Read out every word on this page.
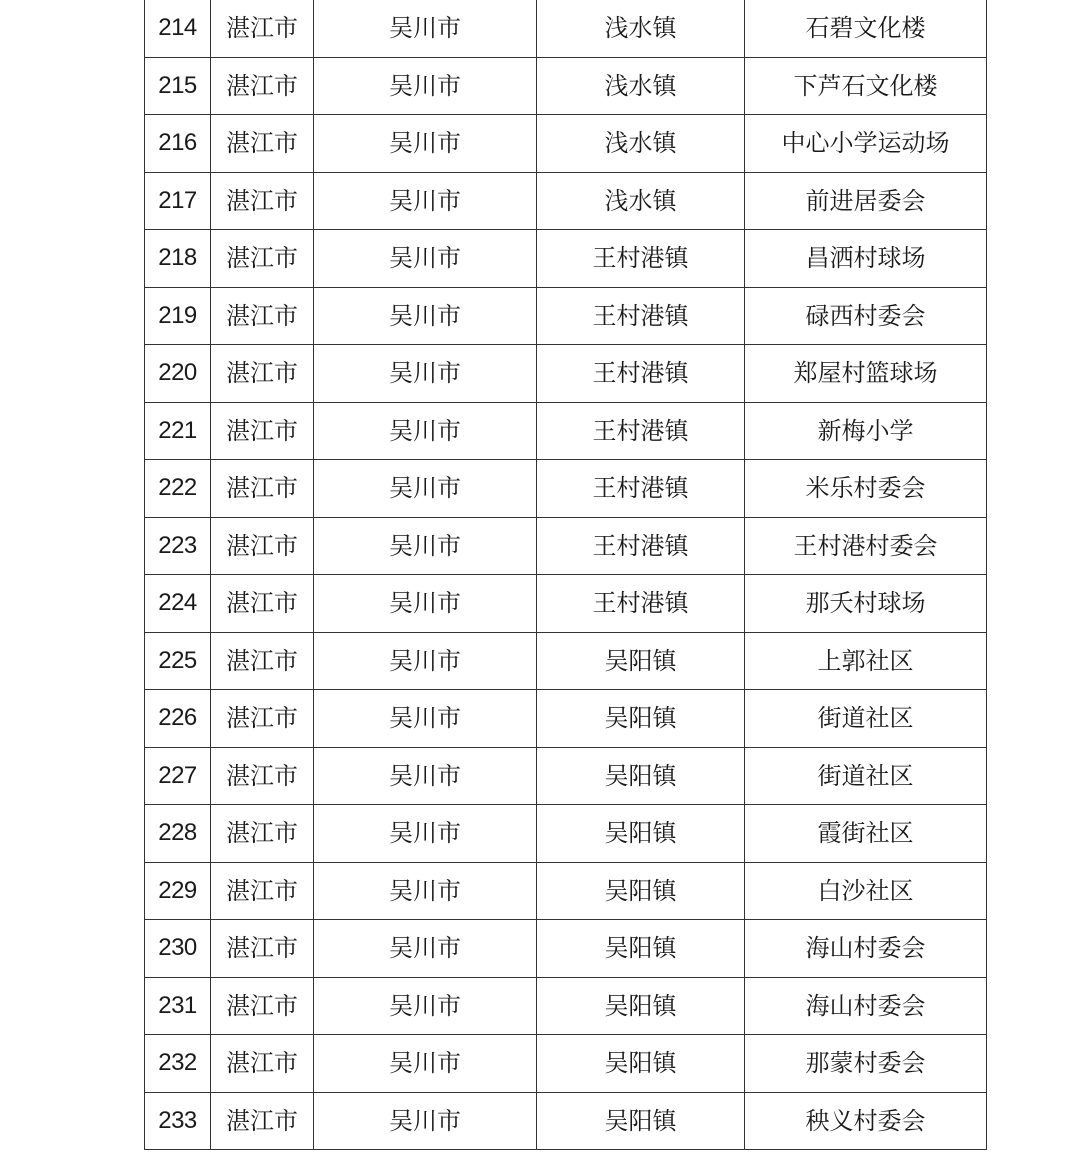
214	湛江市	吴川市	浅水镇	石碧文化楼
215	湛江市	吴川市	浅水镇	下芦石文化楼
216	湛江市	吴川市	浅水镇	中心小学运动场
217	湛江市	吴川市	浅水镇	前进居委会
218	湛江市	吴川市	王村港镇	昌洒村球场
219	湛江市	吴川市	王村港镇	碌西村委会
220	湛江市	吴川市	王村港镇	郑屋村篮球场
221	湛江市	吴川市	王村港镇	新梅小学
222	湛江市	吴川市	王村港镇	米乐村委会
223	湛江市	吴川市	王村港镇	王村港村委会
224	湛江市	吴川市	王村港镇	那夭村球场
225	湛江市	吴川市	吴阳镇	上郭社区
226	湛江市	吴川市	吴阳镇	街道社区
227	湛江市	吴川市	吴阳镇	街道社区
228	湛江市	吴川市	吴阳镇	霞街社区
229	湛江市	吴川市	吴阳镇	白沙社区
230	湛江市	吴川市	吴阳镇	海山村委会
231	湛江市	吴川市	吴阳镇	海山村委会
232	湛江市	吴川市	吴阳镇	那蒙村委会
233	湛江市	吴川市	吴阳镇	秧义村委会
